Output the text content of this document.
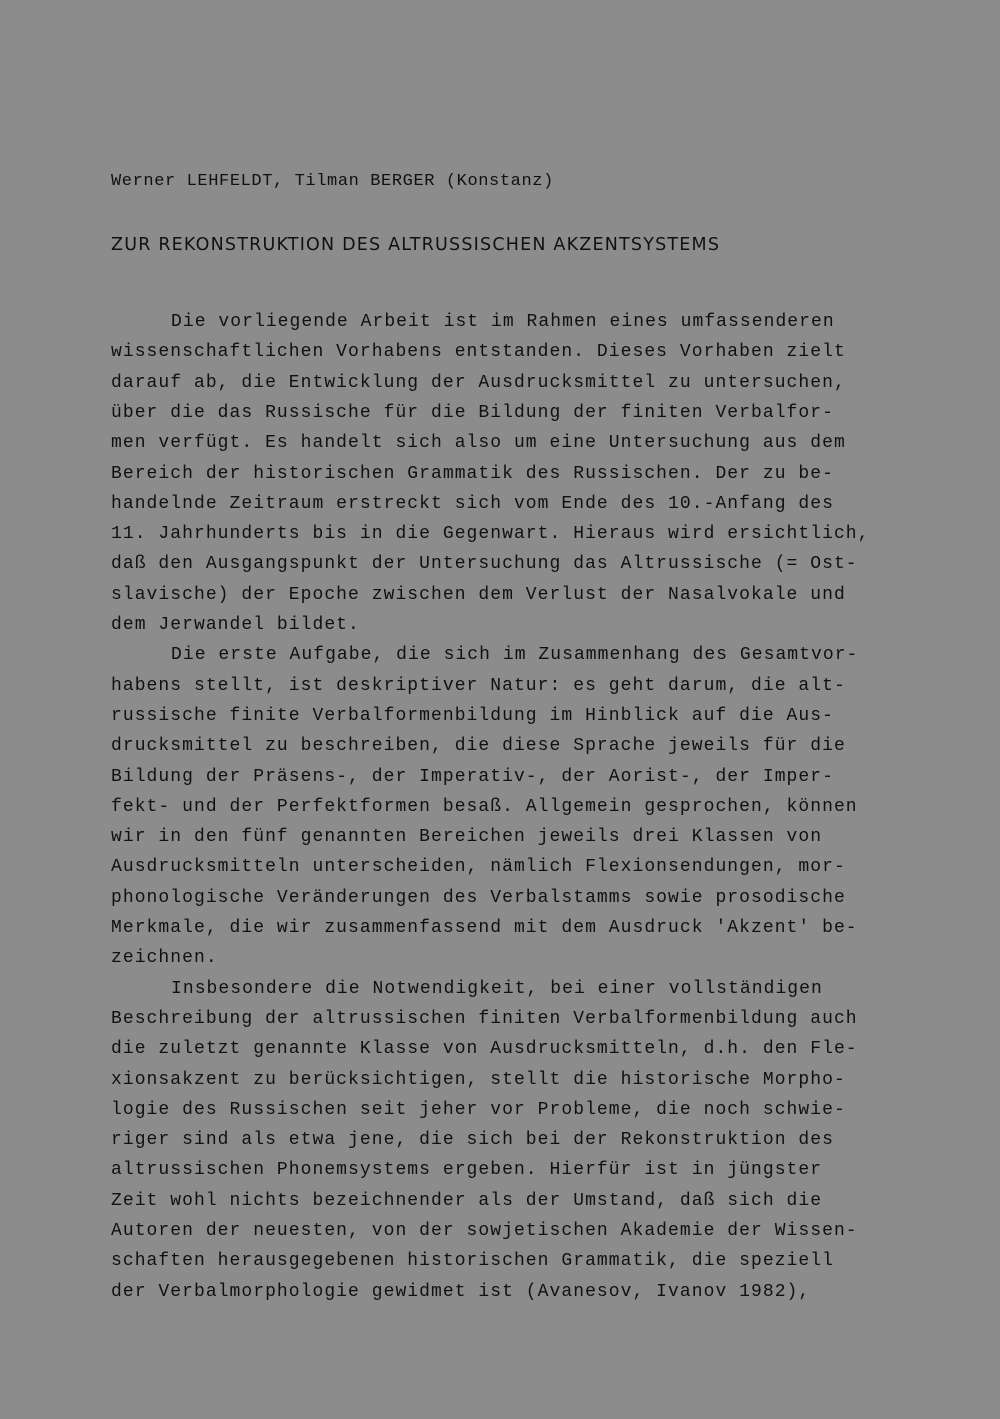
Werner LEHFELDT, Tilman BERGER (Konstanz)
ZUR REKONSTRUKTION DES ALTRUSSISCHEN AKZENTSYSTEMS
Die vorliegende Arbeit ist im Rahmen eines umfassenderen
wissenschaftlichen Vorhabens entstanden. Dieses Vorhaben zielt
darauf ab, die Entwicklung der Ausdrucksmittel zu untersuchen,
über die das Russische für die Bildung der finiten Verbalfor-
men verfügt. Es handelt sich also um eine Untersuchung aus dem
Bereich der historischen Grammatik des Russischen. Der zu be-
handelnde Zeitraum erstreckt sich vom Ende des 10.-Anfang des
11. Jahrhunderts bis in die Gegenwart. Hieraus wird ersichtlich,
daß den Ausgangspunkt der Untersuchung das Altrussische (= Ost-
slavische) der Epoche zwischen dem Verlust der Nasalvokale und
dem Jerwandel bildet.
Die erste Aufgabe, die sich im Zusammenhang des Gesamtvor-
habens stellt, ist deskriptiver Natur: es geht darum, die alt-
russische finite Verbalformenbildung im Hinblick auf die Aus-
drucksmittel zu beschreiben, die diese Sprache jeweils für die
Bildung der Präsens-, der Imperativ-, der Aorist-, der Imper-
fekt- und der Perfektformen besaß. Allgemein gesprochen, können
wir in den fünf genannten Bereichen jeweils drei Klassen von
Ausdrucksmitteln unterscheiden, nämlich Flexionsendungen, mor-
phonologische Veränderungen des Verbalstamms sowie prosodische
Merkmale, die wir zusammenfassend mit dem Ausdruck 'Akzent' be-
zeichnen.
Insbesondere die Notwendigkeit, bei einer vollständigen
Beschreibung der altrussischen finiten Verbalformenbildung auch
die zuletzt genannte Klasse von Ausdrucksmitteln, d.h. den Fle-
xionsakzent zu berücksichtigen, stellt die historische Morpho-
logie des Russischen seit jeher vor Probleme, die noch schwie-
riger sind als etwa jene, die sich bei der Rekonstruktion des
altrussischen Phonemsystems ergeben. Hierfür ist in jüngster
Zeit wohl nichts bezeichnender als der Umstand, daß sich die
Autoren der neuesten, von der sowjetischen Akademie der Wissen-
schaften herausgegebenen historischen Grammatik, die speziell
der Verbalmorphologie gewidmet ist (Avanesov, Ivanov 1982),
